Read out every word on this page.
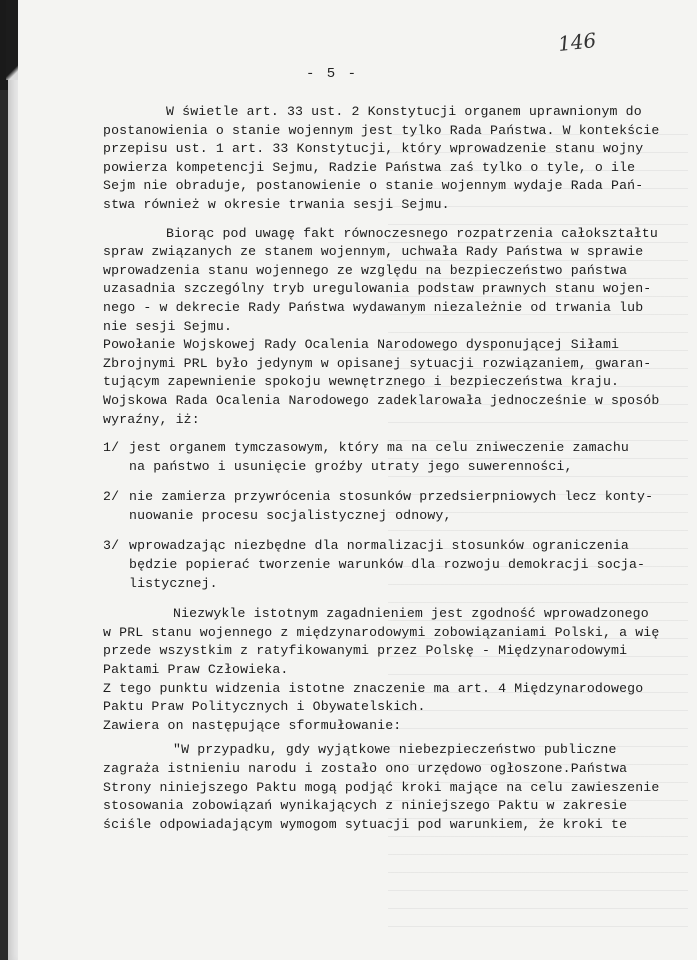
146
- 5 -
W świetle art. 33 ust. 2 Konstytucji organem uprawnionym do
postanowienia o stanie wojennym jest tylko Rada Państwa. W kontekście
przepisu ust. 1 art. 33 Konstytucji, który wprowadzenie stanu wojny
powierza kompetencji Sejmu, Radzie Państwa zaś tylko o tyle, o ile
Sejm nie obraduje, postanowienie o stanie wojennym wydaje Rada Pań-
stwa również w okresie trwania sesji Sejmu.
Biorąc pod uwagę fakt równoczesnego rozpatrzenia całokształtu
spraw związanych ze stanem wojennym, uchwała Rady Państwa w sprawie
wprowadzenia stanu wojennego ze względu na bezpieczeństwo państwa
uzasadnia szczególny tryb uregulowania podstaw prawnych stanu wojen-
nego - w dekrecie Rady Państwa wydawanym niezależnie od trwania lub
nie sesji Sejmu.
Powołanie Wojskowej Rady Ocalenia Narodowego dysponującej Siłami
Zbrojnymi PRL było jedynym w opisanej sytuacji rozwiązaniem, gwaran-
tującym zapewnienie spokoju wewnętrznego i bezpieczeństwa kraju.
Wojskowa Rada Ocalenia Narodowego zadeklarowała jednocześnie w sposób
wyraźny, iż:
1/ jest organem tymczasowym, który ma na celu zniweczenie zamachu
na państwo i usunięcie groźby utraty jego suwerenności,
2/ nie zamierza przywrócenia stosunków przedsierpniowych lecz konty-
nuowanie procesu socjalistycznej odnowy,
3/ wprowadzając niezbędne dla normalizacji stosunków ograniczenia
będzie popierać tworzenie warunków dla rozwoju demokracji socja-
listycznej.
Niezwykle istotnym zagadnieniem jest zgodność wprowadzonego
w PRL stanu wojennego z międzynarodowymi zobowiązaniami Polski, a wię
przede wszystkim z ratyfikowanymi przez Polskę - Międzynarodowymi
Paktami Praw Człowieka.
Z tego punktu widzenia istotne znaczenie ma art. 4 Międzynarodowego
Paktu Praw Politycznych i Obywatelskich.
Zawiera on następujące sformułowanie:
"W przypadku, gdy wyjątkowe niebezpieczeństwo publiczne
zagraża istnieniu narodu i zostało ono urzędowo ogłoszone.Państwa
Strony niniejszego Paktu mogą podjąć kroki mające na celu zawieszenie
stosowania zobowiązań wynikających z niniejszego Paktu w zakresie
ściśle odpowiadającym wymogom sytuacji pod warunkiem, że kroki te
